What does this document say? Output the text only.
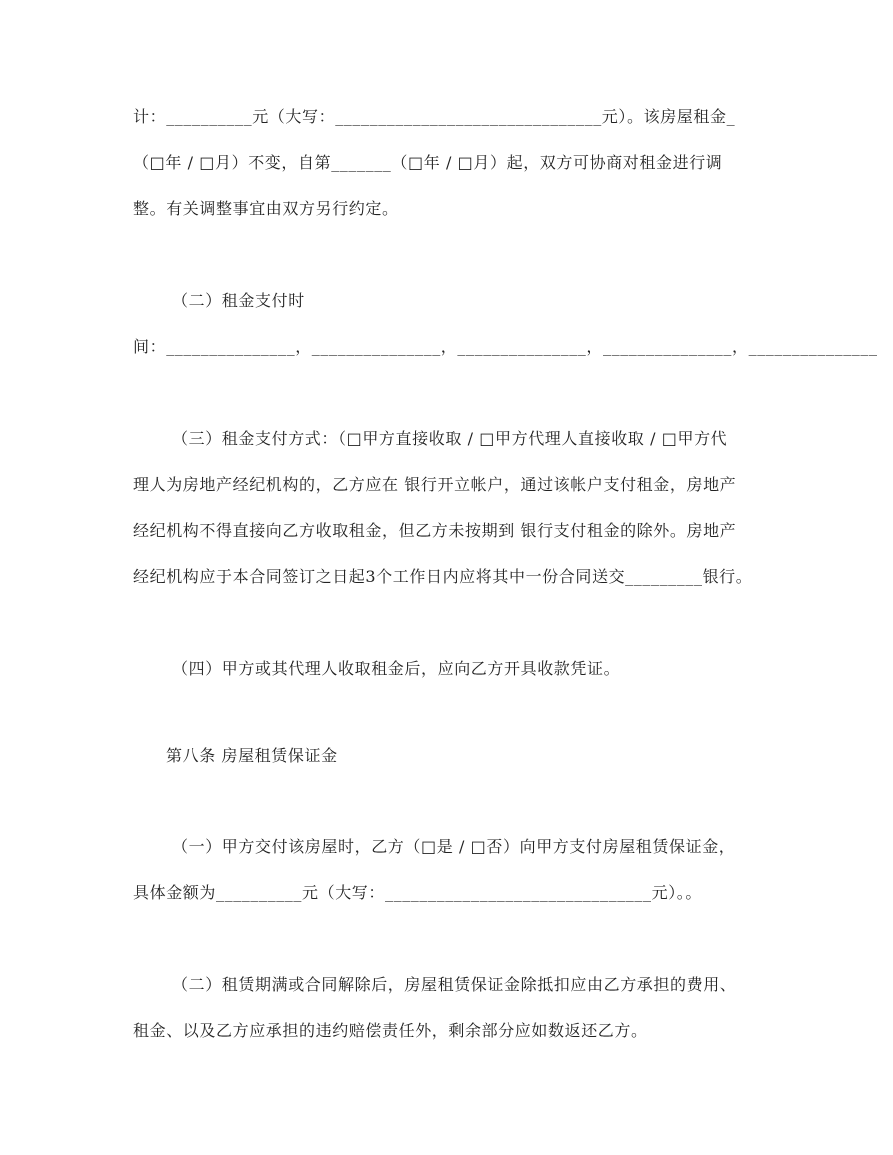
计：__________元（大写：_______________________________元）。该房屋租金_
（□年 / □月）不变，自第_______（□年 / □月）起，双方可协商对租金进行调
整。有关调整事宜由双方另行约定。
（二）租金支付时
间：_______________，_______________，_______________，_______________，_______________
（三）租金支付方式：（□甲方直接收取 / □甲方代理人直接收取 / □甲方代
理人为房地产经纪机构的，乙方应在 银行开立帐户，通过该帐户支付租金，房地产
经纪机构不得直接向乙方收取租金，但乙方未按期到 银行支付租金的除外。房地产
经纪机构应于本合同签订之日起3个工作日内应将其中一份合同送交_________银行。
（四）甲方或其代理人收取租金后，应向乙方开具收款凭证。
第八条 房屋租赁保证金
（一）甲方交付该房屋时，乙方（□是 / □否）向甲方支付房屋租赁保证金，
具体金额为__________元（大写：_______________________________元）。。
（二）租赁期满或合同解除后，房屋租赁保证金除抵扣应由乙方承担的费用、
租金、以及乙方应承担的违约赔偿责任外，剩余部分应如数返还乙方。
